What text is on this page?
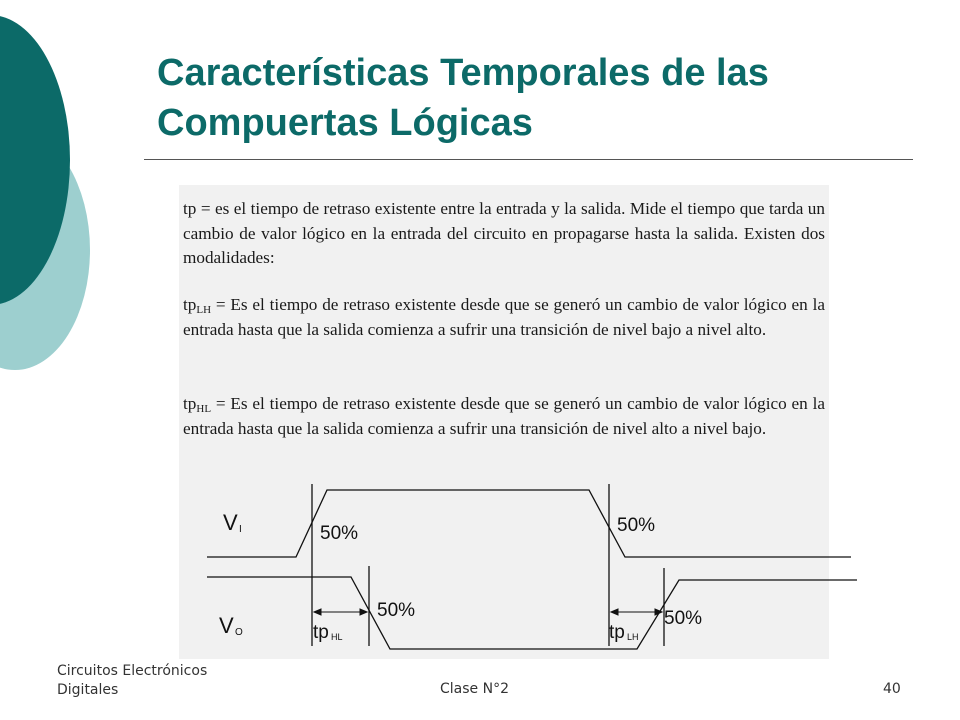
Características Temporales de las Compuertas Lógicas

tp = es el tiempo de retraso existente entre la entrada y la salida. Mide el tiempo que tarda un cambio de valor lógico en la entrada del circuito en propagarse hasta la salida. Existen dos modalidades:

$tp_{LH} = Es$ el tiempo de retraso existente desde que se generó un cambio de valor lógico en la entrada hasta que la salida comienza a sufrir una transición de nivel bajo a nivel alto.

$tp_{HL} = Es$ el tiempo de retraso existente desde que se generó un cambio de valor lógico en la entrada hasta que la salida comienza a sufrir una transición de nivel alto a nivel bajo.

V I
V O
50%	50%
50%	50%
tp HL	tp LH
Circuitos Electrónicos
Digitales	Clase N°2	40
